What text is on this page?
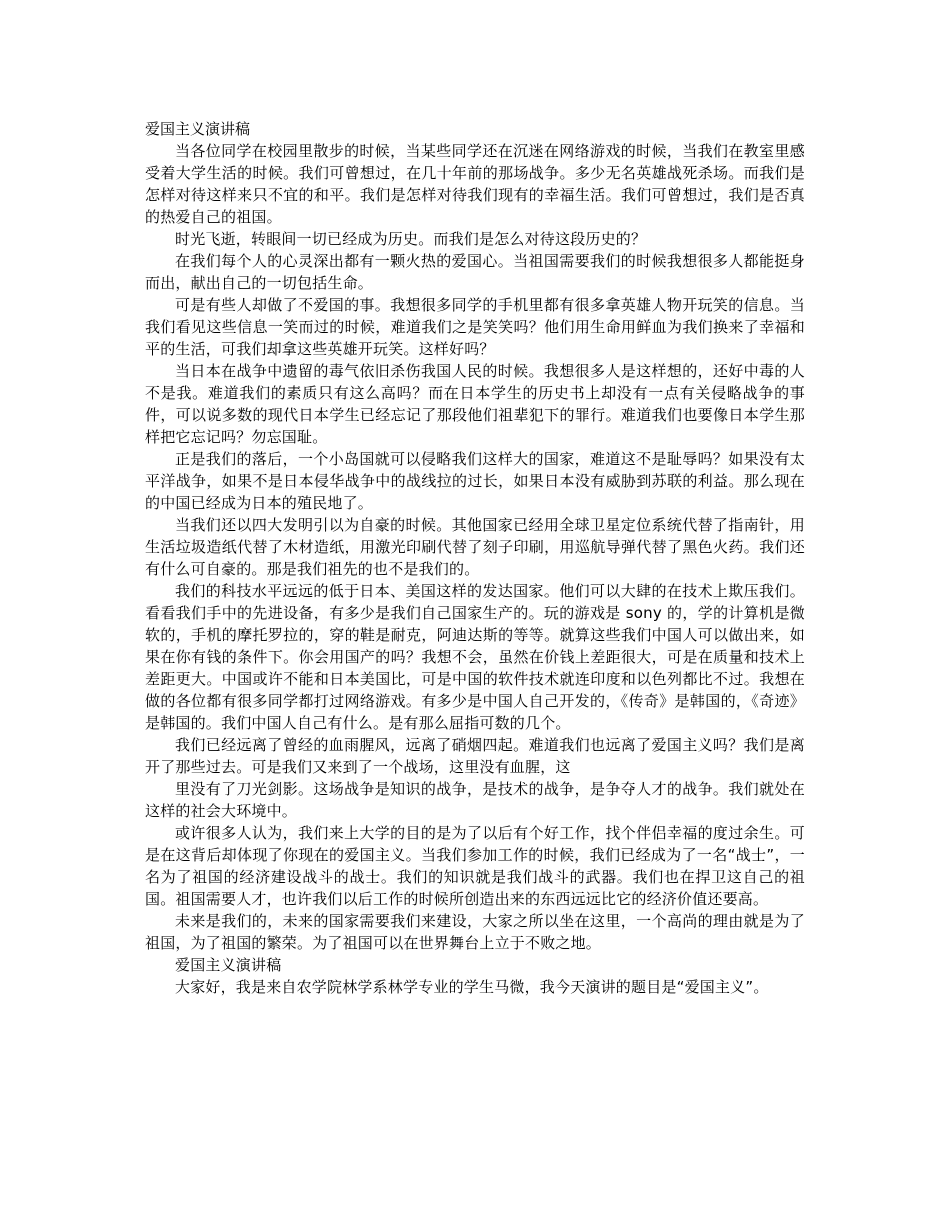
爱国主义演讲稿

当各位同学在校园里散步的时候，当某些同学还在沉迷在网络游戏的时候，当我们在教室里感受着大学生活的时候。我们可曾想过，在几十年前的那场战争。多少无名英雄战死杀场。而我们是怎样对待这样来只不宜的和平。我们是怎样对待我们现有的幸福生活。我们可曾想过，我们是否真的热爱自己的祖国。

时光飞逝，转眼间一切已经成为历史。而我们是怎么对待这段历史的？

在我们每个人的心灵深出都有一颗火热的爱国心。当祖国需要我们的时候我想很多人都能挺身而出，献出自己的一切包括生命。

可是有些人却做了不爱国的事。我想很多同学的手机里都有很多拿英雄人物开玩笑的信息。当我们看见这些信息一笑而过的时候，难道我们之是笑笑吗？他们用生命用鲜血为我们换来了幸福和平的生活，可我们却拿这些英雄开玩笑。这样好吗？

当日本在战争中遗留的毒气依旧杀伤我国人民的时候。我想很多人是这样想的，还好中毒的人不是我。难道我们的素质只有这么高吗？而在日本学生的历史书上却没有一点有关侵略战争的事件，可以说多数的现代日本学生已经忘记了那段他们祖辈犯下的罪行。难道我们也要像日本学生那样把它忘记吗？勿忘国耻。

正是我们的落后，一个小岛国就可以侵略我们这样大的国家，难道这不是耻辱吗？如果没有太平洋战争，如果不是日本侵华战争中的战线拉的过长，如果日本没有威胁到苏联的利益。那么现在的中国已经成为日本的殖民地了。

当我们还以四大发明引以为自豪的时候。其他国家已经用全球卫星定位系统代替了指南针，用生活垃圾造纸代替了木材造纸，用激光印刷代替了刻子印刷，用巡航导弹代替了黑色火药。我们还有什么可自豪的。那是我们祖先的也不是我们的。

我们的科技水平远远的低于日本、美国这样的发达国家。他们可以大肆的在技术上欺压我们。看看我们手中的先进设备，有多少是我们自己国家生产的。玩的游戏是 sony 的，学的计算机是微软的，手机的摩托罗拉的，穿的鞋是耐克，阿迪达斯的等等。就算这些我们中国人可以做出来，如果在你有钱的条件下。你会用国产的吗？我想不会，虽然在价钱上差距很大，可是在质量和技术上差距更大。中国或许不能和日本美国比，可是中国的软件技术就连印度和以色列都比不过。我想在做的各位都有很多同学都打过网络游戏。有多少是中国人自己开发的，《传奇》是韩国的，《奇迹》是韩国的。我们中国人自己有什么。是有那么屈指可数的几个。

我们已经远离了曾经的血雨腥风，远离了硝烟四起。难道我们也远离了爱国主义吗？我们是离开了那些过去。可是我们又来到了一个战场，这里没有血腥，这

里没有了刀光剑影。这场战争是知识的战争，是技术的战争，是争夺人才的战争。我们就处在这样的社会大环境中。

或许很多人认为，我们来上大学的目的是为了以后有个好工作，找个伴侣幸福的度过余生。可是在这背后却体现了你现在的爱国主义。当我们参加工作的时候，我们已经成为了一名“战士”，一名为了祖国的经济建设战斗的战士。我们的知识就是我们战斗的武器。我们也在捍卫这自己的祖国。祖国需要人才，也许我们以后工作的时候所创造出来的东西远远比它的经济价值还要高。

未来是我们的，未来的国家需要我们来建设，大家之所以坐在这里，一个高尚的理由就是为了祖国，为了祖国的繁荣。为了祖国可以在世界舞台上立于不败之地。

爱国主义演讲稿

大家好，我是来自农学院林学系林学专业的学生马微，我今天演讲的题目是“爱国主义”。
